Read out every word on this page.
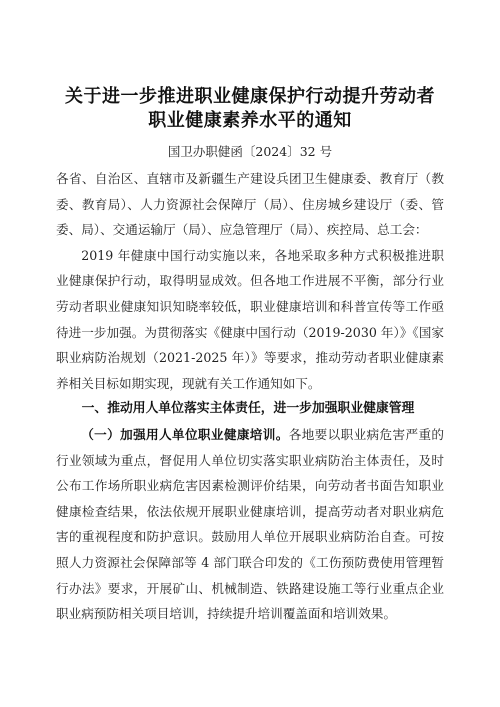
关于进一步推进职业健康保护行动提升劳动者
职业健康素养水平的通知
国卫办职健函〔2024〕32 号

各省、自治区、直辖市及新疆生产建设兵团卫生健康委、教育厅（教委、教育局）、人力资源社会保障厅（局）、住房城乡建设厅（委、管委、局）、交通运输厅（局）、应急管理厅（局）、疾控局、总工会：

2019 年健康中国行动实施以来，各地采取多种方式积极推进职业健康保护行动，取得明显成效。但各地工作进展不平衡，部分行业劳动者职业健康知识知晓率较低，职业健康培训和科普宣传等工作亟待进一步加强。为贯彻落实《健康中国行动（2019-2030 年）》《国家职业病防治规划（2021-2025 年）》等要求，推动劳动者职业健康素养相关目标如期实现，现就有关工作通知如下。

一、推动用人单位落实主体责任，进一步加强职业健康管理

（一）加强用人单位职业健康培训。各地要以职业病危害严重的行业领域为重点，督促用人单位切实落实职业病防治主体责任，及时公布工作场所职业病危害因素检测评价结果，向劳动者书面告知职业健康检查结果，依法依规开展职业健康培训，提高劳动者对职业病危害的重视程度和防护意识。鼓励用人单位开展职业病防治自查。可按照人力资源社会保障部等 4 部门联合印发的《工伤预防费使用管理暂行办法》要求，开展矿山、机械制造、铁路建设施工等行业重点企业职业病预防相关项目培训，持续提升培训覆盖面和培训效果。
